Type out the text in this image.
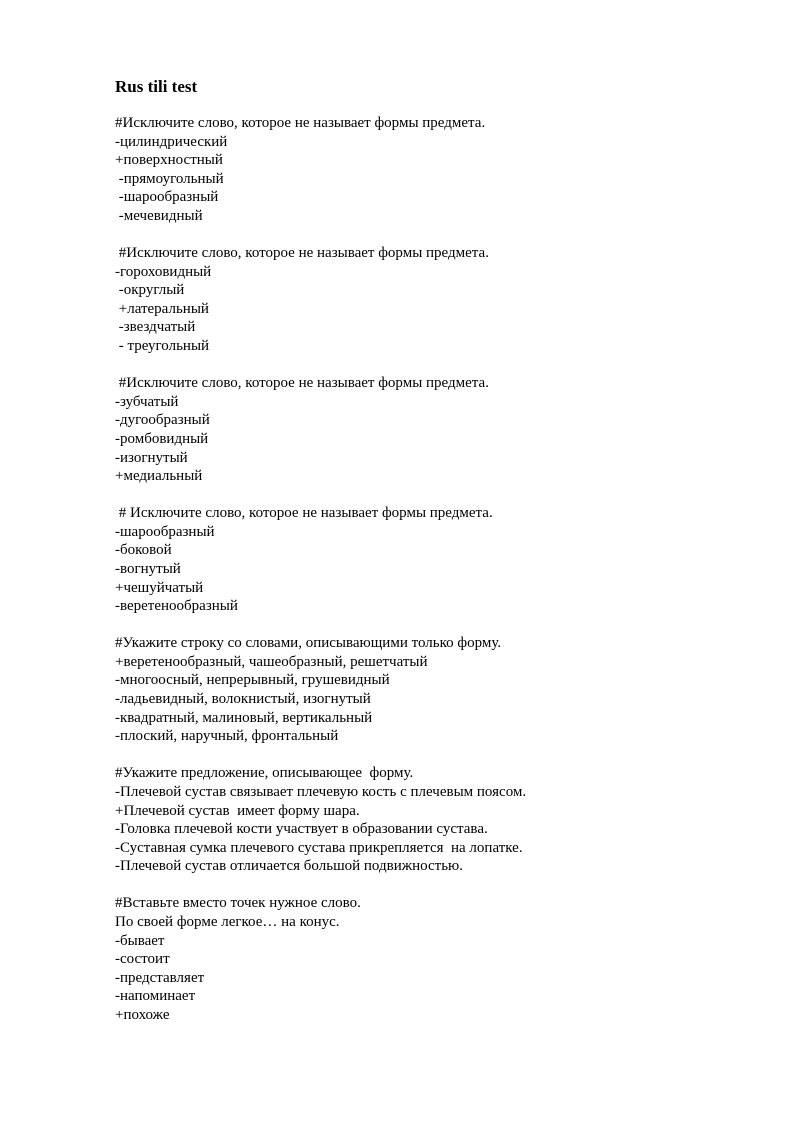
Rus tili test
#Исключите слово, которое не называет формы предмета.
-цилиндрический
+поверхностный
-прямоугольный
-шарообразный
-мечевидный
#Исключите слово, которое не называет формы предмета.
-гороховидный
-округлый
+латеральный
-звездчатый
- треугольный
#Исключите слово, которое не называет формы предмета.
-зубчатый
-дугообразный
-ромбовидный
-изогнутый
+медиальный
# Исключите слово, которое не называет формы предмета.
-шарообразный
-боковой
-вогнутый
+чешуйчатый
-веретенообразный
#Укажите строку со словами, описывающими только форму.
+веретенообразный, чашеобразный, решетчатый
-многоосный, непрерывный, грушевидный
-ладьевидный, волокнистый, изогнутый
-квадратный, малиновый, вертикальный
-плоский, наручный, фронтальный
#Укажите предложение, описывающее  форму.
-Плечевой сустав связывает плечевую кость с плечевым поясом.
+Плечевой сустав  имеет форму шара.
-Головка плечевой кости участвует в образовании сустава.
-Суставная сумка плечевого сустава прикрепляется  на лопатке.
-Плечевой сустав отличается большой подвижностью.
#Вставьте вместо точек нужное слово.
По своей форме легкое… на конус.
-бывает
-состоит
-представляет
-напоминает
+похоже
